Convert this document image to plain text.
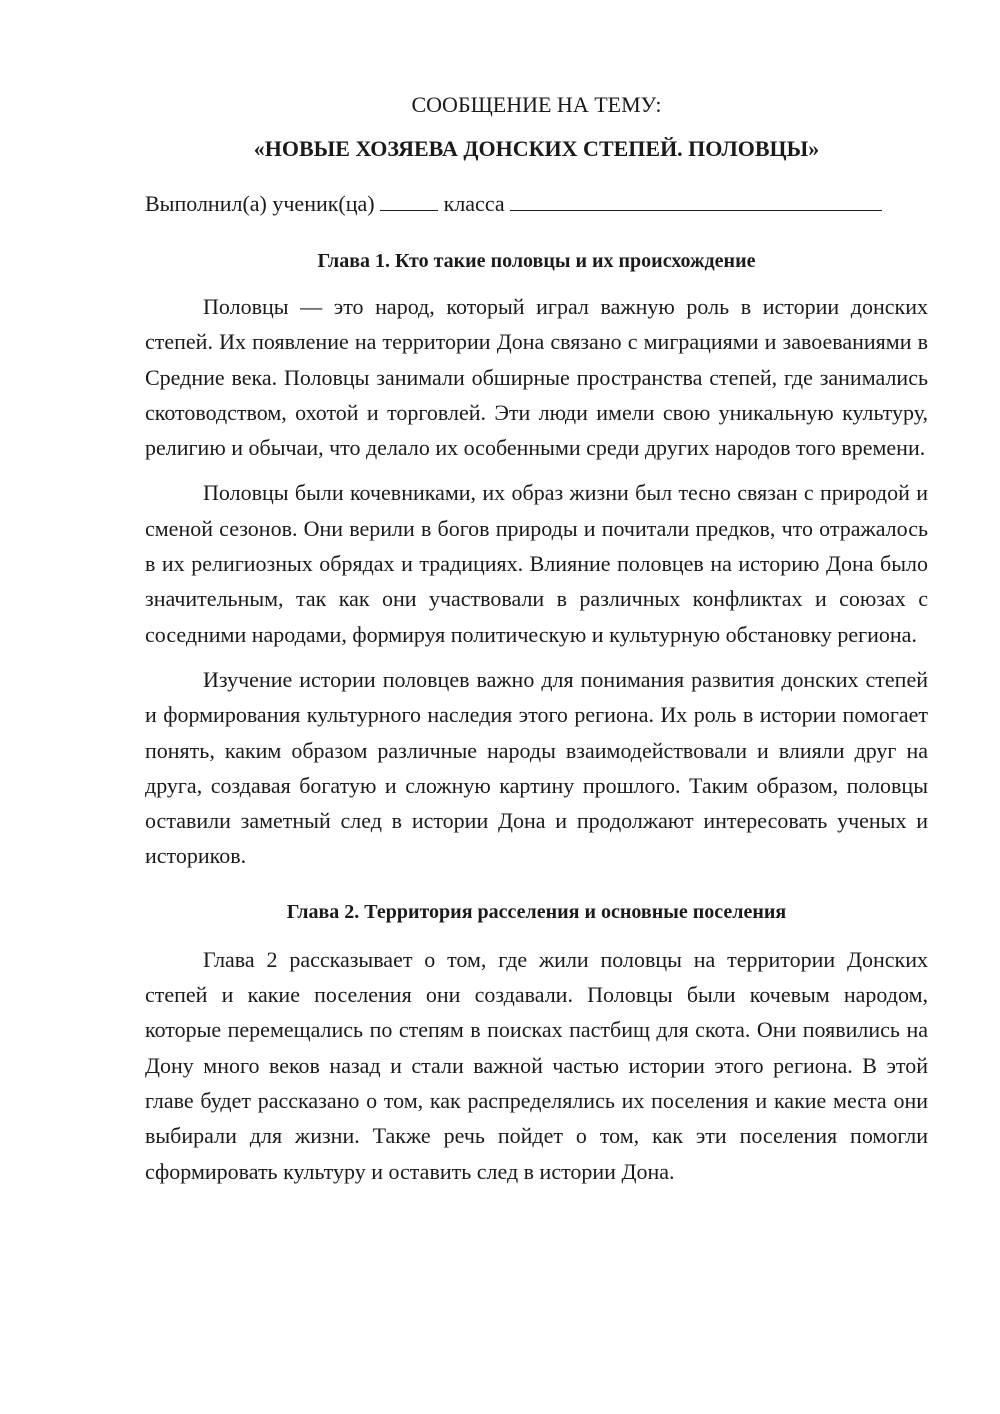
СООБЩЕНИЕ НА ТЕМУ:

«НОВЫЕ ХОЗЯЕВА ДОНСКИХ СТЕПЕЙ. ПОЛОВЦЫ»

Выполнил(а) ученик(ца)	класса

Глава 1. Кто такие половцы и их происхождение

Половцы — это народ, который играл важную роль в истории донских степей. Их появление на территории Дона связано с миграциями и завоеваниями в Средние века. Половцы занимали обширные пространства степей, где занимались скотоводством, охотой и торговлей. Эти люди имели свою уникальную культуру, религию и обычаи, что делало их особенными среди других народов того времени.

Половцы были кочевниками, их образ жизни был тесно связан с природой и сменой сезонов. Они верили в богов природы и почитали предков, что отражалось в их религиозных обрядах и традициях. Влияние половцев на историю Дона было значительным, так как они участвовали в различных конфликтах и союзах с соседними народами, формируя политическую и культурную обстановку региона.

Изучение истории половцев важно для понимания развития донских степей и формирования культурного наследия этого региона. Их роль в истории помогает понять, каким образом различные народы взаимодействовали и влияли друг на друга, создавая богатую и сложную картину прошлого. Таким образом, половцы оставили заметный след в истории Дона и продолжают интересовать ученых и историков.

Глава 2. Территория расселения и основные поселения

Глава 2 рассказывает о том, где жили половцы на территории Донских степей и какие поселения они создавали. Половцы были кочевым народом, которые перемещались по степям в поисках пастбищ для скота. Они появились на Дону много веков назад и стали важной частью истории этого региона. В этой главе будет рассказано о том, как распределялись их поселения и какие места они выбирали для жизни. Также речь пойдет о том, как эти поселения помогли сформировать культуру и оставить след в истории Дона.
